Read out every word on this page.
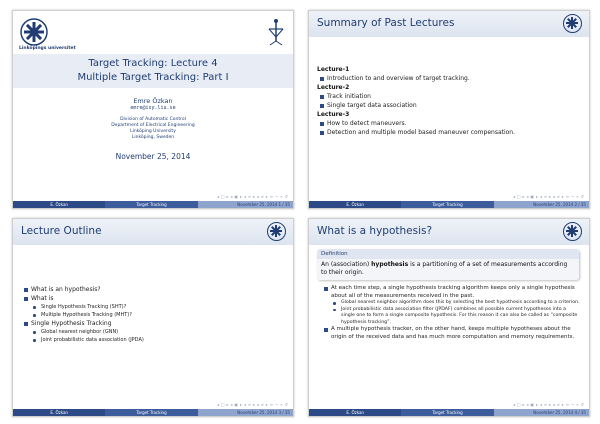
Linköpings universitet
Target Tracking: Lecture 4
Multiple Target Tracking: Part I
Emre Özkan
emre@isy.liu.se
Division of Automatic Control
Department of Electrical Engineering
Linköping University
Linköping, Sweden
November 25, 2014
◂ □ ▸ ◂ ▣ ▸ ◂ ≡ ▸ ◂ ≡ ▸ ≡ ∽ ⌕ ↺
E. Özkan	Target Tracking	November 25, 2014 1 / 35
Summary of Past Lectures
Lecture-1
Introduction to and overview of target tracking.
Lecture-2
Track initiation
Single target data association
Lecture-3
How to detect maneuvers.
Detection and multiple model based maneuver compensation.
◂ □ ▸ ◂ ▣ ▸ ◂ ≡ ▸ ◂ ≡ ▸ ≡ ∽ ⌕ ↺
E. Özkan	Target Tracking	November 25, 2014 2 / 35
Lecture Outline
What is an hypothesis?
What is
Single Hypothesis Tracking (SHT)?
Multiple Hypothesis Tracking (MHT)?
Single Hypothesis Tracking
Global nearest neighbor (GNN)
Joint probabilistic data association (JPDA)
◂ □ ▸ ◂ ▣ ▸ ◂ ≡ ▸ ◂ ≡ ▸ ≡ ∽ ⌕ ↺
E. Özkan	Target Tracking	November 25, 2014 3 / 35
What is a hypothesis?
Definition
An (association) hypothesis is a partitioning of a set of measurements according to their origin.
At each time step, a single hypothesis tracking algorithm keeps only a single hypothesis about all of the measurements received in the past.
Global nearest neighbor algorithm does this by selecting the best hypothesis according to a criterion.
Joint probabilistic data association filter (JPDAF) combines all possible current hypotheses into a single one to form a single composite hypothesis. For this reason it can also be called as “composite hypothesis tracking”.
A multiple hypothesis tracker, on the other hand, keeps multiple hypotheses about the origin of the received data and has much more computation and memory requirements.
◂ □ ▸ ◂ ▣ ▸ ◂ ≡ ▸ ◂ ≡ ▸ ≡ ∽ ⌕ ↺
E. Özkan	Target Tracking	November 25, 2014 4 / 35
